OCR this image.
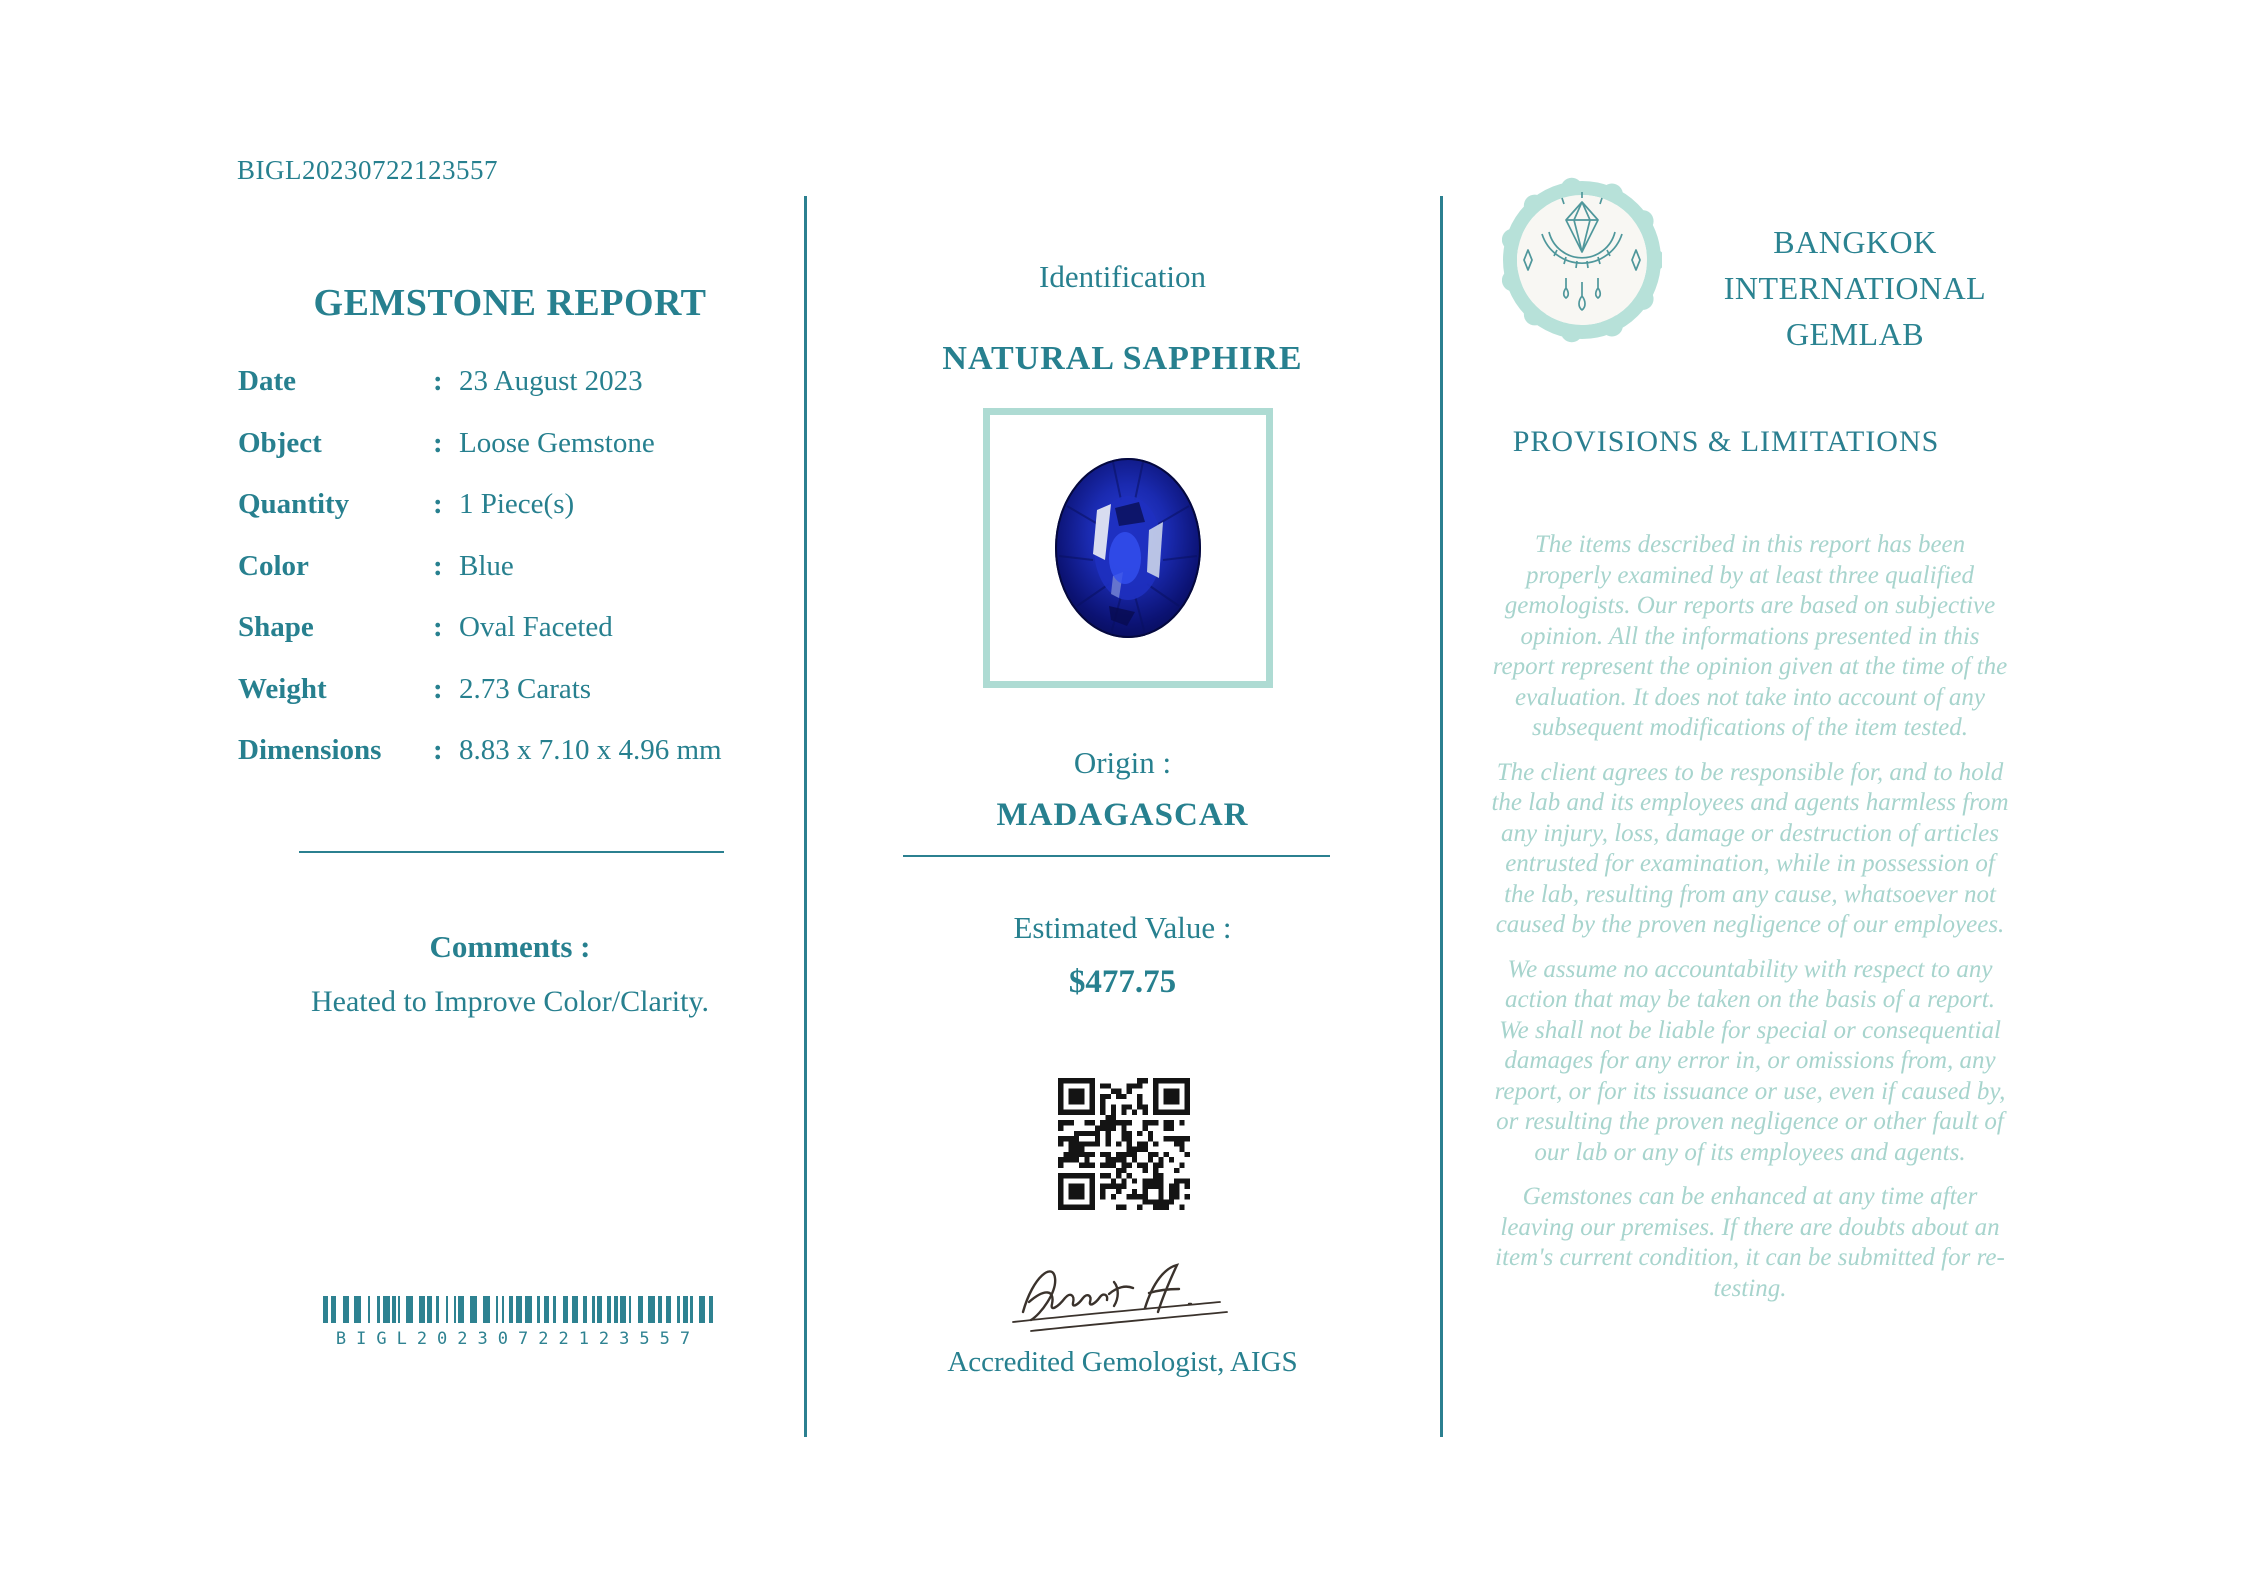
BIGL20230722123557
GEMSTONE REPORT
Date	: 23 August 2023
Object	: Loose Gemstone
Quantity	: 1 Piece(s)
Color	: Blue
Shape	: Oval Faceted
Weight	: 2.73 Carats
Dimensions	: 8.83 x 7.10 x 4.96 mm
Comments :

Heated to Improve Color/Clarity.

BIGL20230722123557
Identification
NATURAL SAPPHIRE
Origin :
MADAGASCAR
Estimated Value :
$477.75
Accredited Gemologist, AIGS
BANGKOK
INTERNATIONAL
GEMLAB
PROVISIONS & LIMITATIONS

The items described in this report has been properly examined by at least three qualified gemologists. Our reports are based on subjective opinion. All the informations presented in this report represent the opinion given at the time of the evaluation. It does not take into account of any subsequent modifications of the item tested.

The client agrees to be responsible for, and to hold the lab and its employees and agents harmless from any injury, loss, damage or destruction of articles entrusted for examination, while in possession of the lab, resulting from any cause, whatsoever not caused by the proven negligence of our employees.

We assume no accountability with respect to any action that may be taken on the basis of a report. We shall not be liable for special or consequential damages for any error in, or omissions from, any report, or for its issuance or use, even if caused by, or resulting the proven negligence or other fault of our lab or any of its employees and agents.

Gemstones can be enhanced at any time after leaving our premises. If there are doubts about an item's current condition, it can be submitted for re-testing.
